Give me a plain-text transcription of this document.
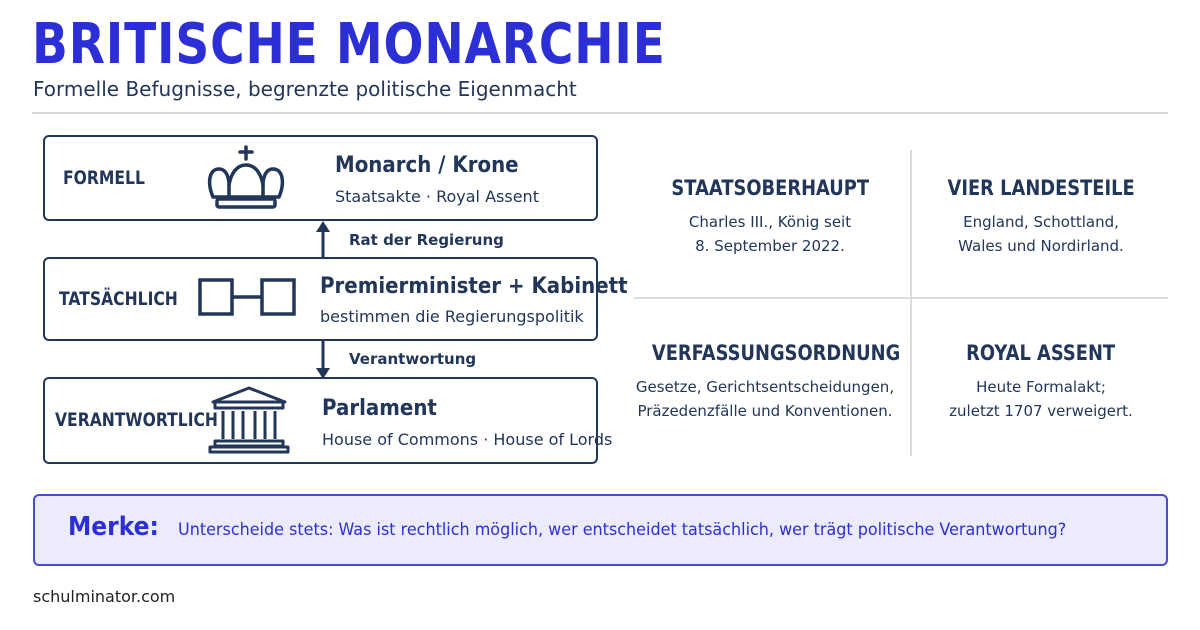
BRITISCHE MONARCHIE
Formelle Befugnisse, begrenzte politische Eigenmacht
FORMELL	Monarch / Krone
Staatsakte · Royal Assent
Rat der Regierung
TATSÄCHLICH	Premierminister + Kabinett
bestimmen die Regierungspolitik
Verantwortung
VERANTWORTLICH	Parlament
House of Commons · House of Lords
STAATSOBERHAUPT
Charles III., König seit
8. September 2022.
VIER LANDESTEILE
England, Schottland,
Wales und Nordirland.
VERFASSUNGSORDNUNG
Gesetze, Gerichtsentscheidungen,
Präzedenzfälle und Konventionen.
ROYAL ASSENT
Heute Formalakt;
zuletzt 1707 verweigert.
Merke: Unterscheide stets: Was ist rechtlich möglich, wer entscheidet tatsächlich, wer trägt politische Verantwortung?
schulminator.com
